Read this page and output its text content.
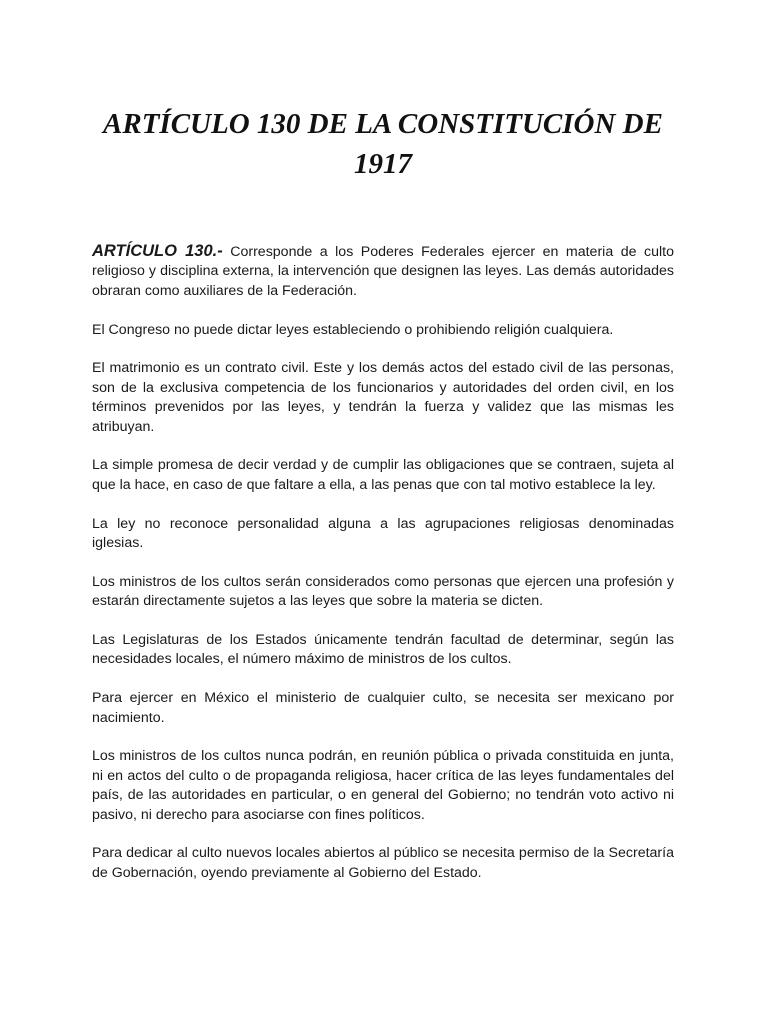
ARTÍCULO 130 DE LA CONSTITUCIÓN DE 1917

ARTÍCULO 130.- Corresponde a los Poderes Federales ejercer en materia de culto religioso y disciplina externa, la intervención que designen las leyes. Las demás autoridades obraran como auxiliares de la Federación.

El Congreso no puede dictar leyes estableciendo o prohibiendo religión cualquiera.

El matrimonio es un contrato civil. Este y los demás actos del estado civil de las personas, son de la exclusiva competencia de los funcionarios y autoridades del orden civil, en los términos prevenidos por las leyes, y tendrán la fuerza y validez que las mismas les atribuyan.

La simple promesa de decir verdad y de cumplir las obligaciones que se contraen, sujeta al que la hace, en caso de que faltare a ella, a las penas que con tal motivo establece la ley.

La ley no reconoce personalidad alguna a las agrupaciones religiosas denominadas iglesias.

Los ministros de los cultos serán considerados como personas que ejercen una profesión y estarán directamente sujetos a las leyes que sobre la materia se dicten.

Las Legislaturas de los Estados únicamente tendrán facultad de determinar, según las necesidades locales, el número máximo de ministros de los cultos.

Para ejercer en México el ministerio de cualquier culto, se necesita ser mexicano por nacimiento.

Los ministros de los cultos nunca podrán, en reunión pública o privada constituida en junta, ni en actos del culto o de propaganda religiosa, hacer crítica de las leyes fundamentales del país, de las autoridades en particular, o en general del Gobierno; no tendrán voto activo ni pasivo, ni derecho para asociarse con fines políticos.

Para dedicar al culto nuevos locales abiertos al público se necesita permiso de la Secretaría de Gobernación, oyendo previamente al Gobierno del Estado.
